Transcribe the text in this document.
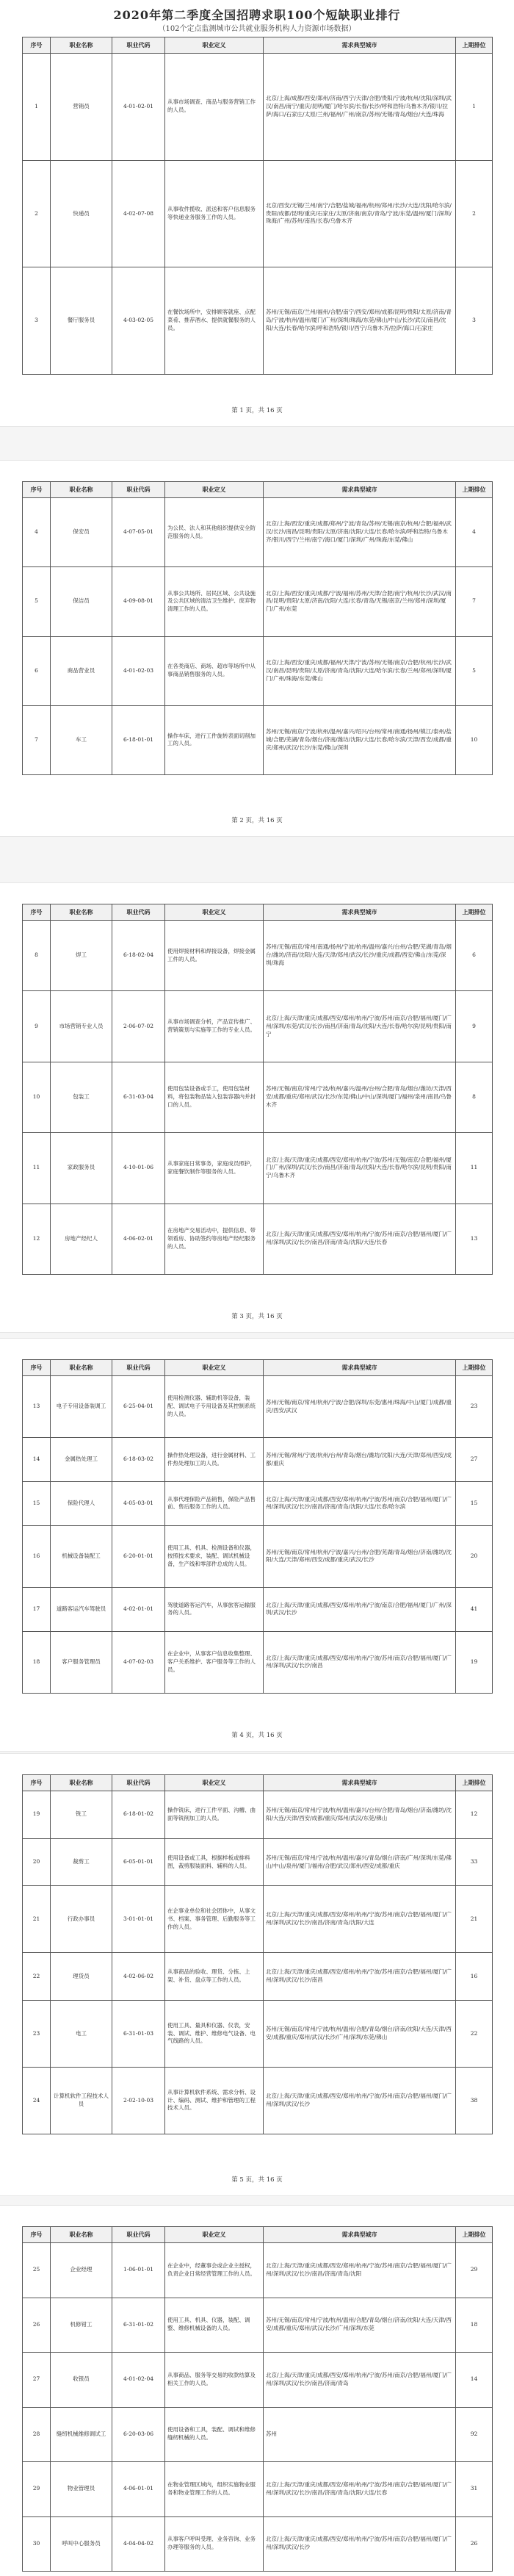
2020年第二季度全国招聘求职100个短缺职业排行
（102个定点监测城市公共就业服务机构人力资源市场数据）
序号	职业名称	职业代码	职业定义	需求典型城市	上期排位
1	营销员	4-01-02-01	从事市场调查、商品与服务营销工作的人员。	北京/上海/成都/西安/郑州/济南/西宁/天津/合肥/贵阳/宁波/杭州/沈阳/深圳/武汉/南昌/南宁/重庆/昆明/厦门/哈尔滨/长春/长沙/呼和浩特/乌鲁木齐/银川/拉萨/海口/石家庄/太原/兰州/福州/广州/南京/苏州/无锡/青岛/烟台/大连/珠海	1
2	快递员	4-02-07-08	从事收件揽收、派送和客户信息服务等快递业务服务工作的人员。	北京/西安/无锡/兰州/南宁/合肥/盐城/福州/杭州/郑州/长沙/大连/沈阳/哈尔滨/贵阳/成都/昆明/重庆/石家庄/太原/济南/南京/青岛/宁波/东莞/温州/厦门/深圳/珠海/广州/苏州/南昌/长春/乌鲁木齐	2
3	餐厅服务员	4-03-02-05	在餐饮场所中，安排顾客就座、点配菜肴、推荐酒水、提供就餐服务的人员。	苏州/无锡/南京/兰州/福州/合肥/南宁/西安/郑州/成都/昆明/贵阳/太原/济南/青岛/宁波/杭州/温州/厦门/广州/深圳/珠海/东莞/佛山/中山/长沙/武汉/南昌/沈阳/大连/长春/哈尔滨/呼和浩特/银川/西宁/乌鲁木齐/拉萨/海口/石家庄	3
第 1 页，共 16 页
序号	职业名称	职业代码	职业定义	需求典型城市	上期排位
4	保安员	4-07-05-01	为公民、法人和其他组织提供安全防范服务的人员。	北京/上海/西安/重庆/成都/郑州/宁波/青岛/苏州/无锡/南京/杭州/合肥/福州/武汉/长沙/南昌/昆明/贵阳/太原/济南/沈阳/大连/长春/哈尔滨/呼和浩特/乌鲁木齐/银川/西宁/兰州/南宁/海口/厦门/深圳/广州/珠海/东莞/佛山	4
5	保洁员	4-09-08-01	从事公共场所、居民区域、公共设施及公共区域的清洁卫生维护、废弃物清理工作的人员。	北京/上海/西安/重庆/成都/宁波/福州/苏州/天津/合肥/南宁/杭州/长沙/武汉/南昌/昆明/贵阳/太原/济南/沈阳/大连/长春/青岛/无锡/南京/兰州/郑州/深圳/厦门/广州/东莞	7
6	商品营业员	4-01-02-03	在各类商店、商场、超市等场所中从事商品销售服务的人员。	北京/上海/西安/重庆/成都/福州/天津/宁波/苏州/无锡/南京/合肥/杭州/长沙/武汉/南昌/昆明/贵阳/太原/济南/青岛/沈阳/大连/哈尔滨/长春/兰州/郑州/深圳/厦门/广州/珠海/东莞/佛山	5
7	车工	6-18-01-01	操作车床，进行工件旋转表面切削加工的人员。	苏州/无锡/南京/宁波/杭州/温州/嘉兴/绍兴/台州/常州/南通/扬州/镇江/泰州/盐城/合肥/芜湖/青岛/烟台/济南/潍坊/沈阳/大连/长春/哈尔滨/天津/西安/成都/重庆/郑州/武汉/长沙/东莞/佛山/深圳	10
第 2 页，共 16 页
序号	职业名称	职业代码	职业定义	需求典型城市	上期排位
8	焊工	6-18-02-04	使用焊接材料和焊接设备，焊接金属工件的人员。	苏州/无锡/南京/常州/南通/扬州/宁波/杭州/温州/嘉兴/台州/合肥/芜湖/青岛/烟台/潍坊/济南/沈阳/大连/天津/郑州/武汉/长沙/重庆/成都/西安/佛山/东莞/深圳/珠海	6
9	市场营销专业人员	2-06-07-02	从事市场调查分析，产品宣传推广、营销策划与实施等工作的专业人员。	北京/上海/天津/重庆/成都/西安/郑州/杭州/宁波/苏州/南京/合肥/福州/厦门/广州/深圳/东莞/武汉/长沙/南昌/济南/青岛/沈阳/大连/长春/哈尔滨/昆明/贵阳/南宁	9
10	包装工	6-31-03-04	使用包装设备或手工，使用包装材料，将包装物品装入包装容器内并封口的人员。	苏州/无锡/南京/常州/宁波/杭州/嘉兴/温州/台州/合肥/青岛/烟台/潍坊/天津/西安/成都/重庆/郑州/武汉/长沙/东莞/佛山/中山/深圳/厦门/福州/泉州/南昌/乌鲁木齐	8
11	家政服务员	4-10-01-06	从事家庭日常事务，家庭成员照护，家庭餐饮制作等服务的人员。	北京/上海/天津/重庆/成都/西安/郑州/杭州/宁波/苏州/无锡/南京/合肥/福州/厦门/广州/深圳/武汉/长沙/南昌/济南/青岛/沈阳/大连/长春/哈尔滨/昆明/贵阳/南宁/乌鲁木齐	11
12	房地产经纪人	4-06-02-01	在房地产交易活动中，提供信息、带领看房、协助签约等房地产经纪服务的人员。	北京/上海/天津/重庆/成都/西安/郑州/杭州/宁波/苏州/南京/合肥/福州/厦门/广州/深圳/武汉/长沙/南昌/济南/青岛/沈阳/大连/长春	13
第 3 页，共 16 页
序号	职业名称	职业代码	职业定义	需求典型城市	上期排位
13	电子专用设备装调工	6-25-04-01	使用检测仪器、辅助机等设备，装配、调试电子专用设备及其控制系统的人员。	苏州/无锡/南京/常州/杭州/宁波/合肥/深圳/东莞/惠州/珠海/中山/厦门/成都/重庆/西安/武汉	23
14	金属热处理工	6-18-03-02	操作热处理设备，进行金属材料、工件热处理加工的人员。	苏州/无锡/常州/宁波/杭州/台州/青岛/烟台/潍坊/沈阳/大连/天津/郑州/西安/成都/重庆	27
15	保险代理人	4-05-03-01	从事代理保险产品销售，保险产品售前、售后服务工作的人员。	北京/上海/天津/重庆/成都/西安/郑州/杭州/宁波/苏州/南京/合肥/福州/厦门/广州/深圳/武汉/长沙/南昌/济南/青岛/沈阳/大连/长春/哈尔滨	15
16	机械设备装配工	6-20-01-01	使用工具、机具、检测设备和仪器，按照技术要求，装配、调试机械设备，生产线和零部件总成的人员。	苏州/无锡/南京/常州/杭州/宁波/嘉兴/台州/合肥/芜湖/青岛/烟台/济南/潍坊/沈阳/大连/天津/郑州/西安/成都/重庆/武汉/长沙	20
17	道路客运汽车驾驶员	4-02-01-01	驾驶道路客运汽车，从事旅客运输服务的人员。	北京/上海/天津/重庆/成都/西安/郑州/杭州/宁波/南京/合肥/福州/厦门/广州/深圳/武汉/长沙	41
18	客户服务管理员	4-07-02-03	在企业中，从事客户信息收集整理、客户关系维护、客户服务等工作的人员。	北京/上海/天津/重庆/成都/西安/郑州/杭州/宁波/苏州/南京/合肥/福州/厦门/广州/深圳/武汉/长沙/南昌	19
第 4 页，共 16 页
序号	职业名称	职业代码	职业定义	需求典型城市	上期排位
19	铣工	6-18-01-02	操作铣床，进行工件平面、沟槽、曲面等铣削加工的人员。	苏州/无锡/南京/常州/宁波/杭州/温州/嘉兴/台州/合肥/青岛/烟台/济南/潍坊/沈阳/大连/天津/西安/成都/重庆/郑州/武汉/东莞/佛山	12
20	裁剪工	6-05-01-01	使用设备或工具，根据样板或排料图，裁剪服装面料、辅料的人员。	苏州/无锡/南京/常州/宁波/杭州/温州/嘉兴/青岛/烟台/济南/广州/深圳/东莞/佛山/中山/泉州/厦门/福州/合肥/武汉/郑州/西安/成都/重庆	33
21	行政办事员	3-01-01-01	在企事业单位和社会团体中，从事文书、档案、事务管理、后勤服务等工作的人员。	北京/上海/天津/重庆/成都/西安/郑州/杭州/宁波/苏州/南京/合肥/福州/厦门/广州/深圳/武汉/长沙/南昌/济南/青岛/沈阳/大连	21
22	理货员	4-02-06-02	从事商品的验收、理货、分拣、上架、补货、盘点等工作的人员。	北京/上海/天津/重庆/成都/西安/郑州/杭州/宁波/苏州/南京/合肥/福州/厦门/广州/深圳/武汉/长沙/南昌	16
23	电工	6-31-01-03	使用工具、量具和仪器、仪表，安装、调试、维护、维修电气设备、电气线路的人员。	苏州/无锡/南京/常州/宁波/杭州/温州/合肥/青岛/烟台/济南/沈阳/大连/天津/西安/成都/重庆/郑州/武汉/长沙/广州/深圳/东莞/佛山	22
24	计算机软件工程技术人员	2-02-10-03	从事计算机软件系统、需求分析、设计、编码、测试、维护和管理的工程技术人员。	北京/上海/天津/重庆/成都/西安/郑州/杭州/宁波/苏州/南京/合肥/福州/厦门/广州/深圳/武汉/长沙	38
第 5 页，共 16 页
序号	职业名称	职业代码	职业定义	需求典型城市	上期排位
25	企业经理	1-06-01-01	在企业中，经董事会或企业主授权，负责企业日常经营管理工作的人员。	北京/上海/天津/重庆/成都/西安/郑州/杭州/宁波/苏州/南京/合肥/福州/厦门/广州/深圳/武汉/长沙/南昌/济南/青岛/沈阳	29
26	机修钳工	6-31-01-02	使用工具、机具、仪器，装配、调整、维修机械设备的人员。	苏州/无锡/南京/常州/宁波/杭州/温州/合肥/青岛/烟台/济南/沈阳/大连/天津/西安/成都/重庆/郑州/武汉/长沙/广州/深圳/东莞	18
27	收银员	4-01-02-04	从事商品、服务等交易的收款结算及相关工作的人员。	北京/上海/天津/重庆/成都/西安/郑州/杭州/宁波/苏州/南京/合肥/福州/厦门/广州/深圳/武汉/长沙/南昌/济南/青岛	14
28	缝纫机械维修调试工	6-20-03-06	使用设备和工具，装配、调试和维修缝纫机械的人员。	苏州	92
29	物业管理员	4-06-01-01	在物业管理区域内，组织实施物业服务和物业管理工作的人员。	北京/上海/天津/重庆/成都/西安/郑州/杭州/宁波/苏州/南京/合肥/福州/厦门/广州/深圳/武汉/长沙/南昌/济南/青岛/沈阳/大连/长春	31
30	呼叫中心服务员	4-04-04-02	从事客户呼叫受理、业务咨询、业务办理等服务的人员。	北京/上海/天津/重庆/成都/西安/郑州/杭州/宁波/苏州/南京/合肥/福州/厦门/广州/深圳/武汉/长沙	26
